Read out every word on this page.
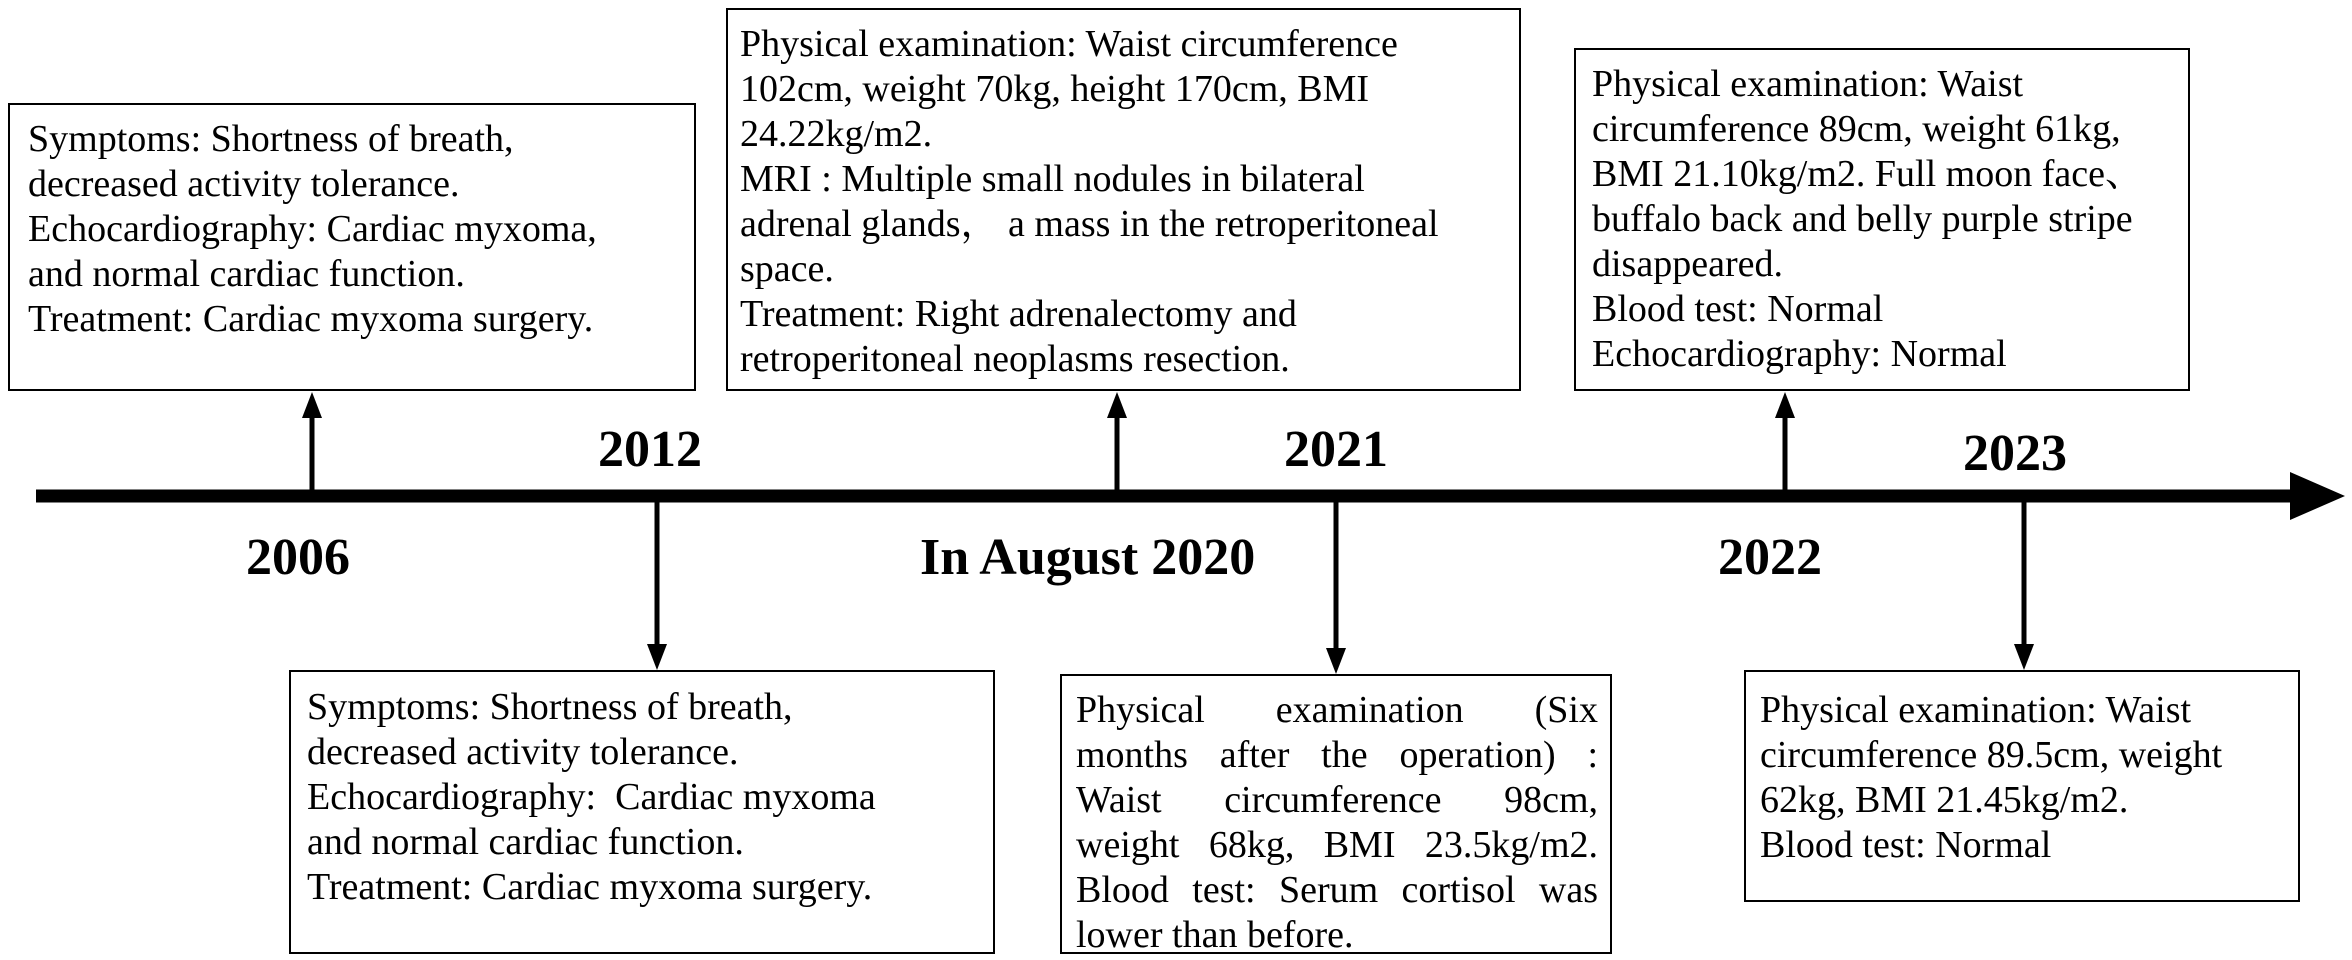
2006
2012
In August 2020
2021
2022
2023
Symptoms: Shortness of breath,
decreased activity tolerance.
Echocardiography: Cardiac myxoma,
and normal cardiac function.
Treatment: Cardiac myxoma surgery.
Symptoms: Shortness of breath,
decreased activity tolerance.
Echocardiography:  Cardiac myxoma
and normal cardiac function.
Treatment: Cardiac myxoma surgery.
Physical examination: Waist circumference
102cm, weight 70kg, height 170cm, BMI
24.22kg/m2.
MRI : Multiple small nodules in bilateral
adrenal glands， a mass in the retroperitoneal
space.
Treatment: Right adrenalectomy and
retroperitoneal neoplasms resection.
Physical examination (Six
months after the operation) :
Waist circumference 98cm,
weight 68kg, BMI 23.5kg/m2.
Blood test: Serum cortisol was
lower than before.
Physical examination: Waist
circumference 89cm, weight 61kg,
BMI 21.10kg/m2. Full moon face、
buffalo back and belly purple stripe
disappeared.
Blood test: Normal
Echocardiography: Normal
Physical examination: Waist
circumference 89.5cm, weight
62kg, BMI 21.45kg/m2.
Blood test: Normal
